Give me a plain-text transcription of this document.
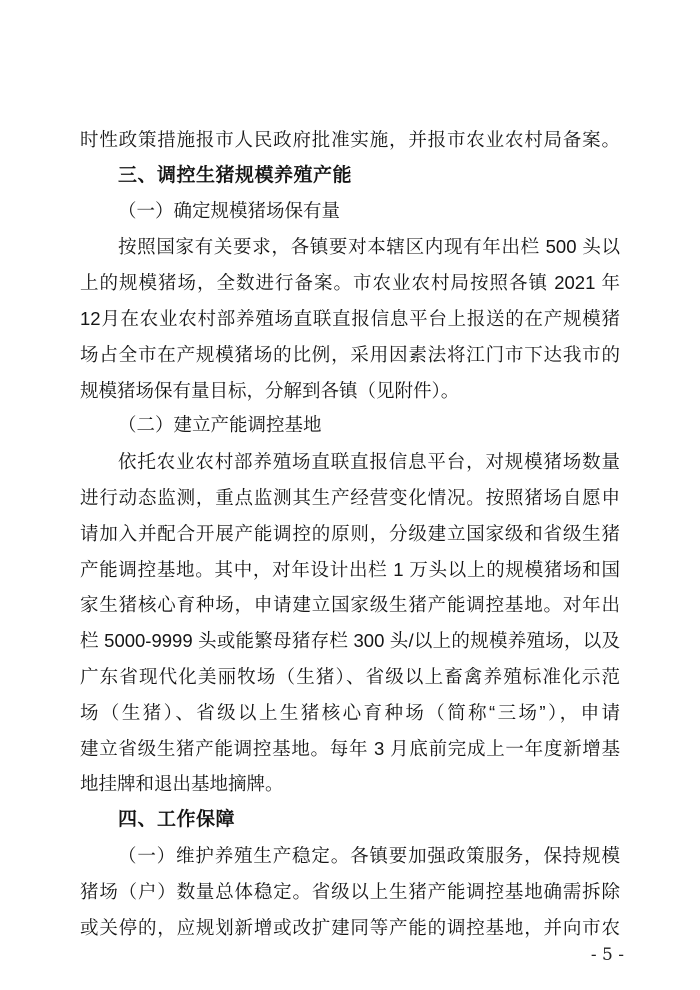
时性政策措施报市人民政府批准实施，并报市农业农村局备案。
三、调控生猪规模养殖产能
（一）确定规模猪场保有量
按照国家有关要求，各镇要对本辖区内现有年出栏 500 头以
上的规模猪场，全数进行备案。市农业农村局按照各镇 2021 年
12月在农业农村部养殖场直联直报信息平台上报送的在产规模猪
场占全市在产规模猪场的比例，采用因素法将江门市下达我市的
规模猪场保有量目标，分解到各镇（见附件）。
（二）建立产能调控基地
依托农业农村部养殖场直联直报信息平台，对规模猪场数量
进行动态监测，重点监测其生产经营变化情况。按照猪场自愿申
请加入并配合开展产能调控的原则，分级建立国家级和省级生猪
产能调控基地。其中，对年设计出栏 1 万头以上的规模猪场和国
家生猪核心育种场，申请建立国家级生猪产能调控基地。对年出
栏 5000-9999 头或能繁母猪存栏 300 头/以上的规模养殖场，以及
广东省现代化美丽牧场（生猪）、省级以上畜禽养殖标准化示范
场（生猪）、省级以上生猪核心育种场（简称“三场”），申请
建立省级生猪产能调控基地。每年 3 月底前完成上一年度新增基
地挂牌和退出基地摘牌。
四、工作保障
（一）维护养殖生产稳定。各镇要加强政策服务，保持规模
猪场（户）数量总体稳定。省级以上生猪产能调控基地确需拆除
或关停的，应规划新增或改扩建同等产能的调控基地，并向市农
- 5 -
